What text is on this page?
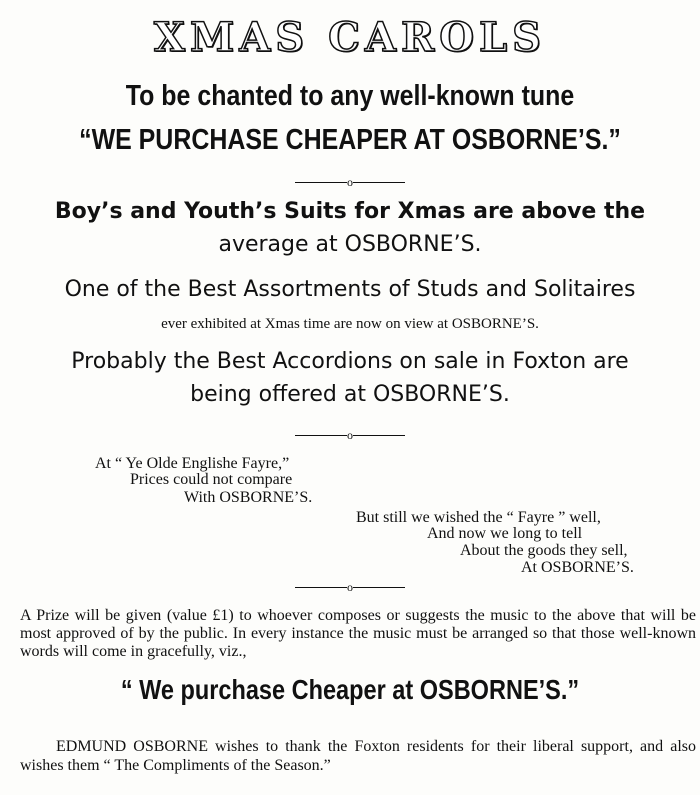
XMAS CAROLS
To be chanted to any well-known tune
“WE PURCHASE CHEAPER AT OSBORNE’S.”
o
Boy’s and Youth’s Suits for Xmas are above the
average at OSBORNE’S.
One of the Best Assortments of Studs and Solitaires
ever exhibited at Xmas time are now on view at OSBORNE’S.
Probably the Best Accordions on sale in Foxton are
being offered at OSBORNE’S.
o
At “ Ye Olde Englishe Fayre,”
Prices could not compare
With OSBORNE’S.
But still we wished the “ Fayre ” well,
And now we long to tell
About the goods they sell,
At OSBORNE’S.
o
A Prize will be given (value £1) to whoever composes or suggests the music to the above that will be most approved of by the public. In every instance the music must be arranged so that those well-known words will come in gracefully, viz.,
“ We purchase Cheaper at OSBORNE’S.”
EDMUND OSBORNE wishes to thank the Foxton residents for their liberal support, and also wishes them “ The Compliments of the Season.”
